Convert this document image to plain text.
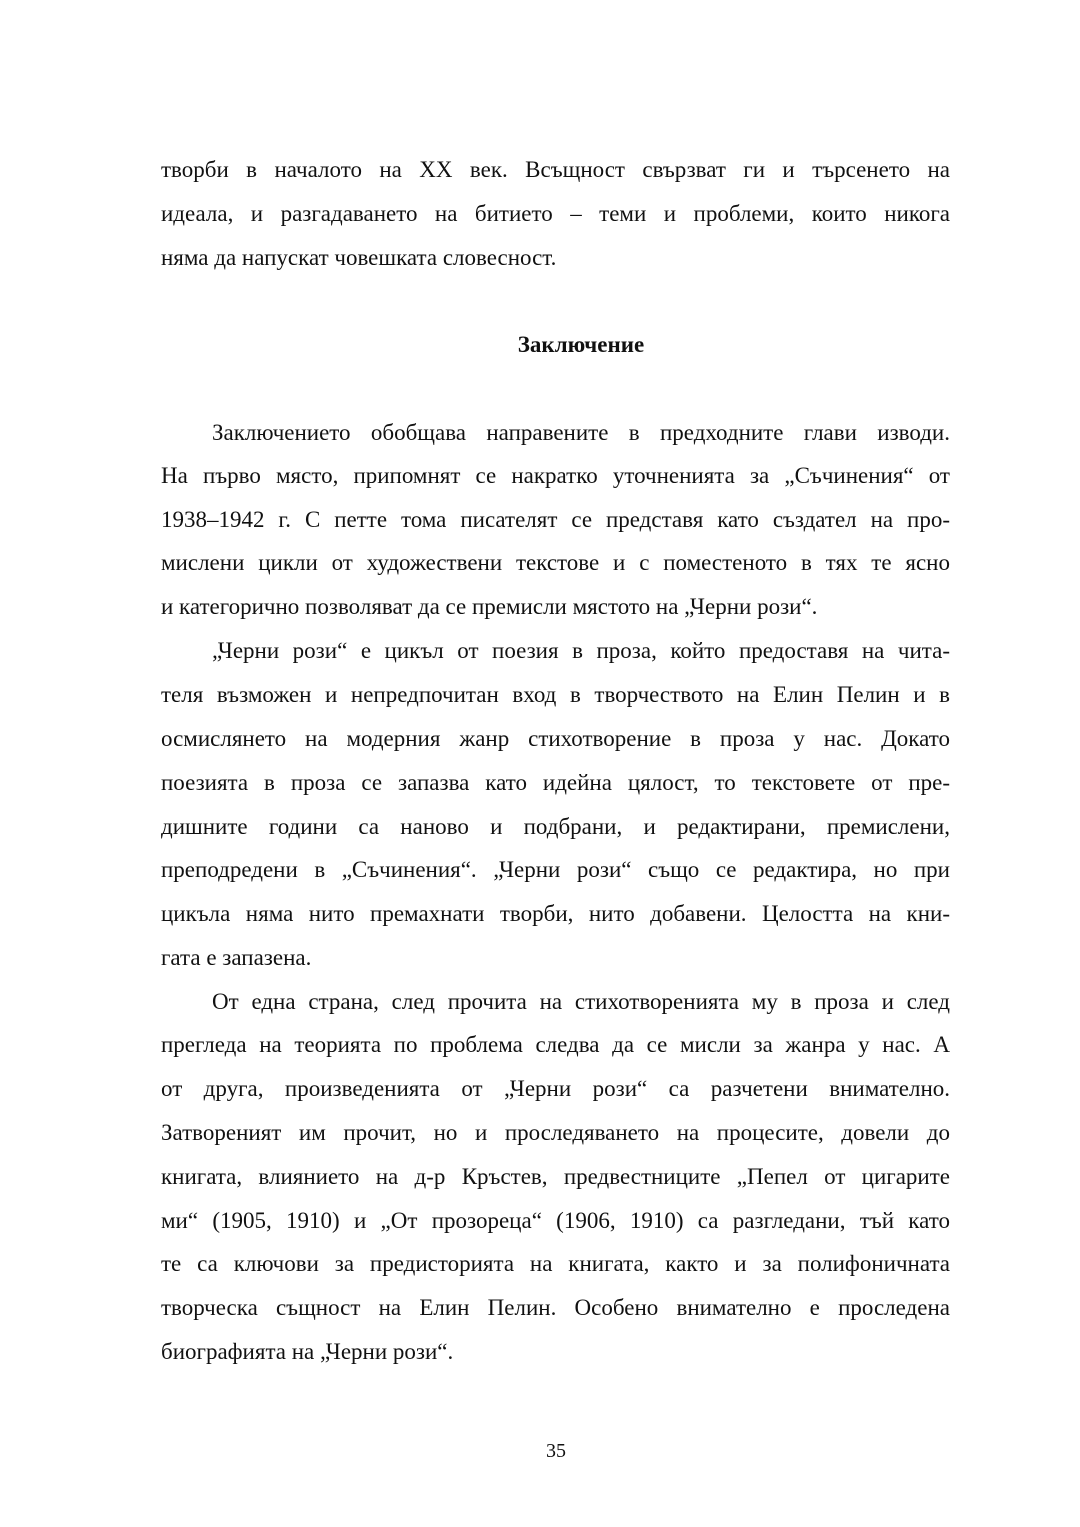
творби в началото на XX век. Всъщност свързват ги и търсенето на
идеала, и разгадаването на битието – теми и проблеми, които никога
няма да напускат човешката словесност.
Заключение
Заключението обобщава направените в предходните глави изводи.
На първо място, припомнят се накратко уточненията за „Съчинения“ от
1938–1942 г. С петте тома писателят се представя като създател на про-
мислени цикли от художествени текстове и с поместеното в тях те ясно
и категорично позволяват да се премисли мястото на „Черни рози“.
„Черни рози“ е цикъл от поезия в проза, който предоставя на чита-
теля възможен и непредпочитан вход в творчеството на Елин Пелин и в
осмислянето на модерния жанр стихотворение в проза у нас. Докато
поезията в проза се запазва като идейна цялост, то текстовете от пре-
дишните години са наново и подбрани, и редактирани, премислени,
преподредени в „Съчинения“. „Черни рози“ също се редактира, но при
цикъла няма нито премахнати творби, нито добавени. Целостта на кни-
гата е запазена.
От една страна, след прочита на стихотворенията му в проза и след
прегледа на теорията по проблема следва да се мисли за жанра у нас. А
от друга, произведенията от „Черни рози“ са разчетени внимателно.
Затвореният им прочит, но и проследяването на процесите, довели до
книгата, влиянието на д-р Кръстев, предвестниците „Пепел от цигарите
ми“ (1905, 1910) и „От прозореца“ (1906, 1910) са разгледани, тъй като
те са ключови за предисторията на книгата, както и за полифоничната
творческа същност на Елин Пелин. Особено внимателно е проследена
биографията на „Черни рози“.
35
